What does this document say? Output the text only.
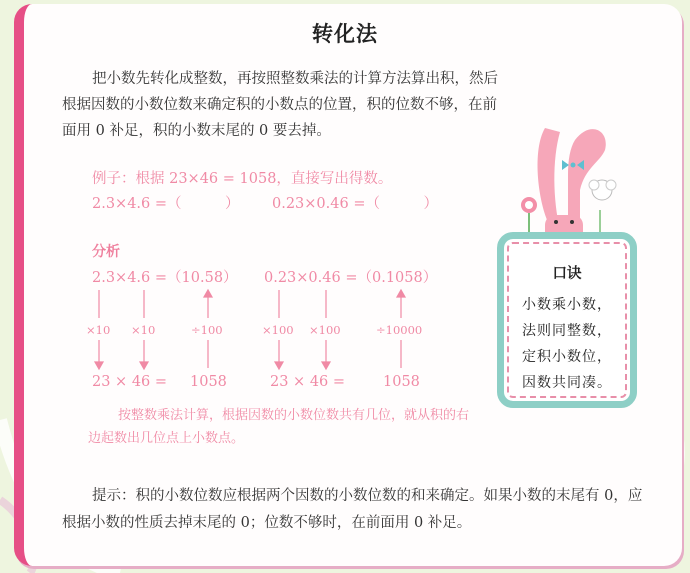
转化法
把小数先转化成整数，再按照整数乘法的计算方法算出积，然后根据因数的小数位数来确定积的小数点的位置，积的位数不够，在前面用 0 补足，积的小数末尾的 0 要去掉。
例子：根据 23×46 = 1058，直接写出得数。
2.3×4.6 =（　　　） 0.23×0.46 =（　　　）
分析
2.3×4.6 =（10.58） 0.23×0.46 =（0.1058）
×10 ×10	÷100	×100 ×100	÷10000
23 × 46 = 1058	23 × 46 =	1058
按整数乘法计算，根据因数的小数位数共有几位，就从积的右边起数出几位点上小数点。
提示：积的小数位数应根据两个因数的小数位数的和来确定。如果小数的末尾有 0，应根据小数的性质去掉末尾的 0；位数不够时，在前面用 0 补足。
口诀
小数乘小数，
法则同整数，
定积小数位，
因数共同凑。
